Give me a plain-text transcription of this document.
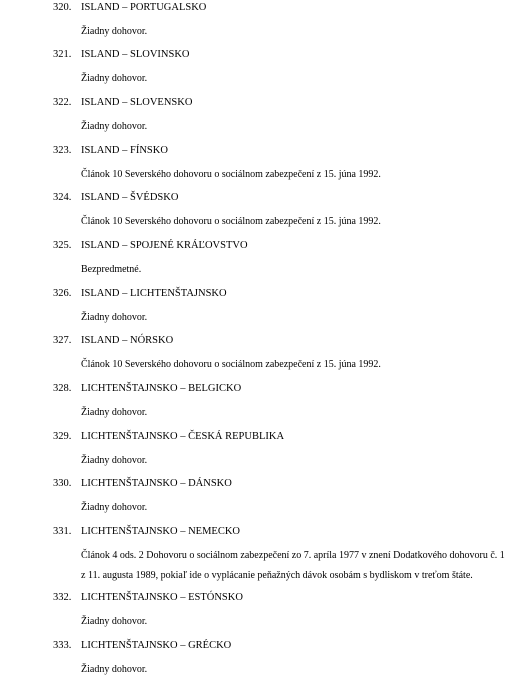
320. ISLAND – PORTUGALSKO
Žiadny dohovor.
321. ISLAND – SLOVINSKO
Žiadny dohovor.
322. ISLAND – SLOVENSKO
Žiadny dohovor.
323. ISLAND – FÍNSKO
Článok 10 Severského dohovoru o sociálnom zabezpečení z 15. júna 1992.
324. ISLAND – ŠVÉDSKO
Článok 10 Severského dohovoru o sociálnom zabezpečení z 15. júna 1992.
325. ISLAND – SPOJENÉ KRÁĽOVSTVO
Bezpredmetné.
326. ISLAND – LICHTENŠTAJNSKO
Žiadny dohovor.
327. ISLAND – NÓRSKO
Článok 10 Severského dohovoru o sociálnom zabezpečení z 15. júna 1992.
328. LICHTENŠTAJNSKO – BELGICKO
Žiadny dohovor.
329. LICHTENŠTAJNSKO – ČESKÁ REPUBLIKA
Žiadny dohovor.
330. LICHTENŠTAJNSKO – DÁNSKO
Žiadny dohovor.
331. LICHTENŠTAJNSKO – NEMECKO
Článok 4 ods. 2 Dohovoru o sociálnom zabezpečení zo 7. apríla 1977 v znení Dodatkového dohovoru č. 1
z 11. augusta 1989, pokiaľ ide o vyplácanie peňažných dávok osobám s bydliskom v treťom štáte.
332. LICHTENŠTAJNSKO – ESTÓNSKO
Žiadny dohovor.
333. LICHTENŠTAJNSKO – GRÉCKO
Žiadny dohovor.
